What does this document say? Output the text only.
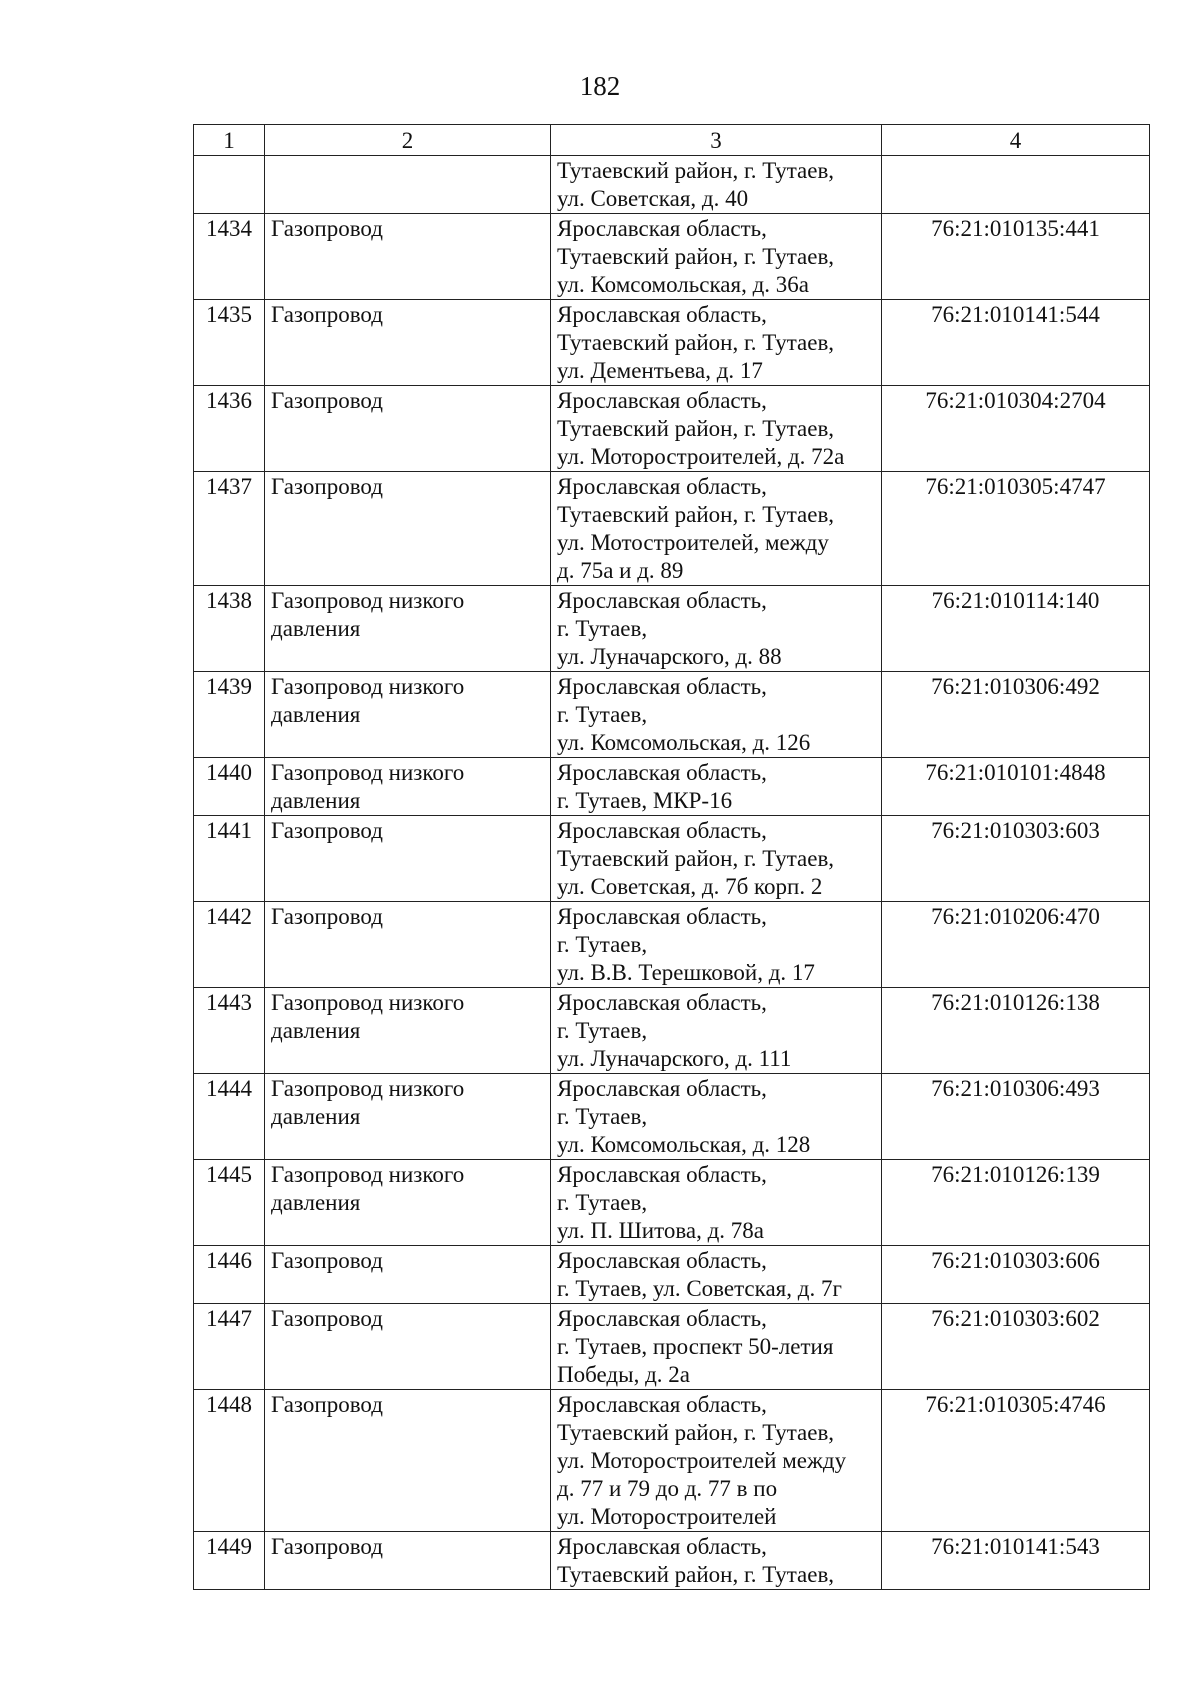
182
1	2	3	4

		Тутаевский район, г. Тутаев,
ул. Советская, д. 40	

1434	Газопровод	Ярославская область,
Тутаевский район, г. Тутаев,
ул. Комсомольская, д. 36а	76:21:010135:441
1435	Газопровод	Ярославская область,
Тутаевский район, г. Тутаев,
ул. Дементьева, д. 17	76:21:010141:544
1436	Газопровод	Ярославская область,
Тутаевский район, г. Тутаев,
ул. Моторостроителей, д. 72а	76:21:010304:2704
1437	Газопровод	Ярославская область,
Тутаевский район, г. Тутаев,
ул. Мотостроителей, между
д. 75а и д. 89	76:21:010305:4747
1438	Газопровод низкого давления	Ярославская область,
г. Тутаев,
ул. Луначарского, д. 88	76:21:010114:140
1439	Газопровод низкого давления	Ярославская область,
г. Тутаев,
ул. Комсомольская, д. 126	76:21:010306:492
1440	Газопровод низкого давления	Ярославская область,
г. Тутаев, МКР-16	76:21:010101:4848
1441	Газопровод	Ярославская область,
Тутаевский район, г. Тутаев,
ул. Советская, д. 7б корп. 2	76:21:010303:603
1442	Газопровод	Ярославская область,
г. Тутаев,
ул. В.В. Терешковой, д. 17	76:21:010206:470
1443	Газопровод низкого давления	Ярославская область,
г. Тутаев,
ул. Луначарского, д. 111	76:21:010126:138
1444	Газопровод низкого давления	Ярославская область,
г. Тутаев,
ул. Комсомольская, д. 128	76:21:010306:493
1445	Газопровод низкого давления	Ярославская область,
г. Тутаев,
ул. П. Шитова, д. 78а	76:21:010126:139
1446	Газопровод	Ярославская область,
г. Тутаев, ул. Советская, д. 7г	76:21:010303:606
1447	Газопровод	Ярославская область,
г. Тутаев, проспект 50-летия
Победы, д. 2а	76:21:010303:602
1448	Газопровод	Ярославская область,
Тутаевский район, г. Тутаев,
ул. Моторостроителей между
д. 77 и 79 до д. 77 в по
ул. Моторостроителей	76:21:010305:4746
1449	Газопровод	Ярославская область,
Тутаевский район, г. Тутаев,	76:21:010141:543
